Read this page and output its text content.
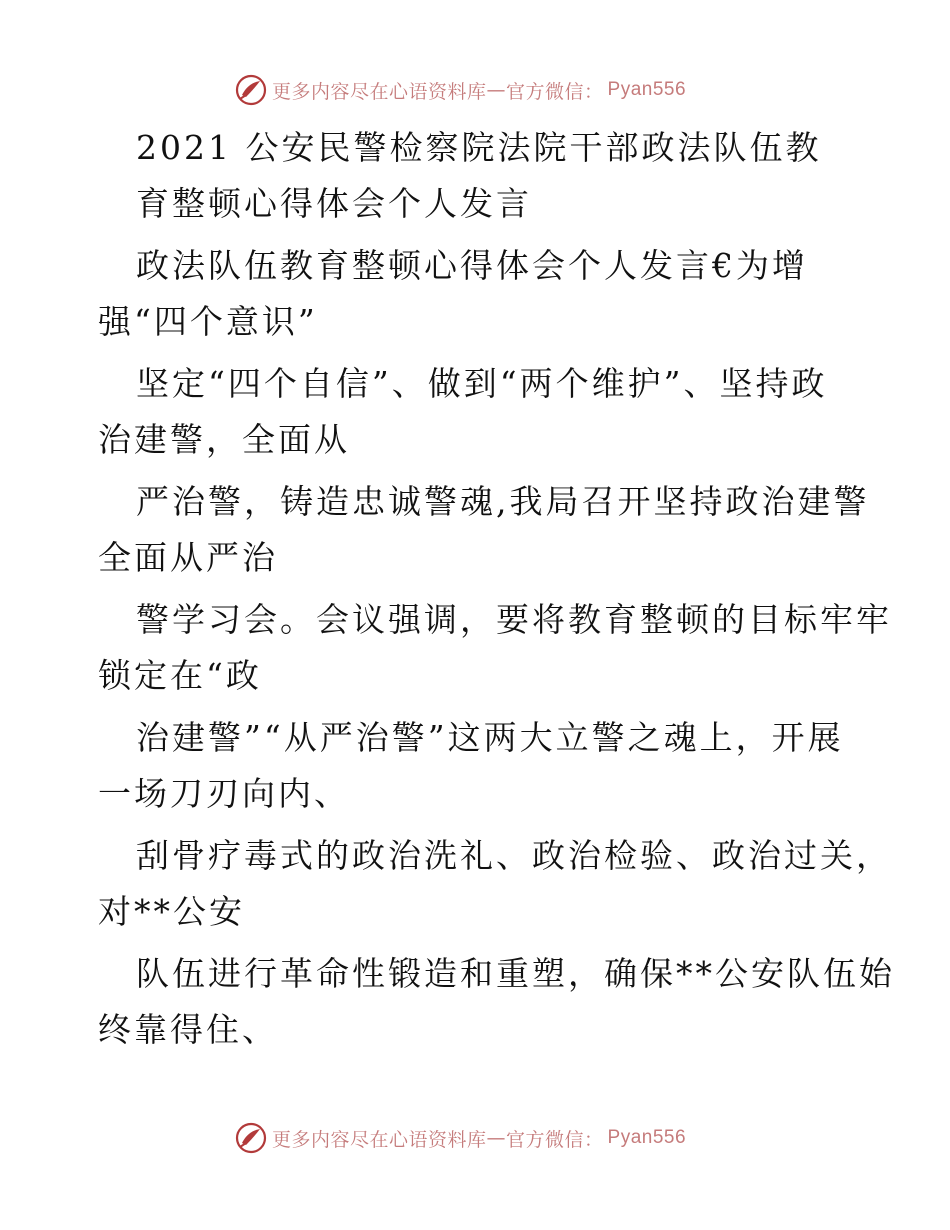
更多内容尽在心语资料库 — 官方微信： Pyan556
2021 公安民警检察院法院干部政法队伍教
育整顿心得体会个人发言
政法队伍教育整顿心得体会个人发言€为增
强“四个意识”
坚定“四个自信”、做到“两个维护”、坚持政
治建警，全面从
严治警，铸造忠诚警魂,我局召开坚持政治建警
全面从严治
警学习会。会议强调，要将教育整顿的目标牢牢
锁定在“政
治建警”“从严治警”这两大立警之魂上，开展
一场刀刃向内、
刮骨疗毒式的政治洗礼、政治检验、政治过关，
对**公安
队伍进行革命性锻造和重塑，确保**公安队伍始
终靠得住、
更多内容尽在心语资料库 — 官方微信： Pyan556
